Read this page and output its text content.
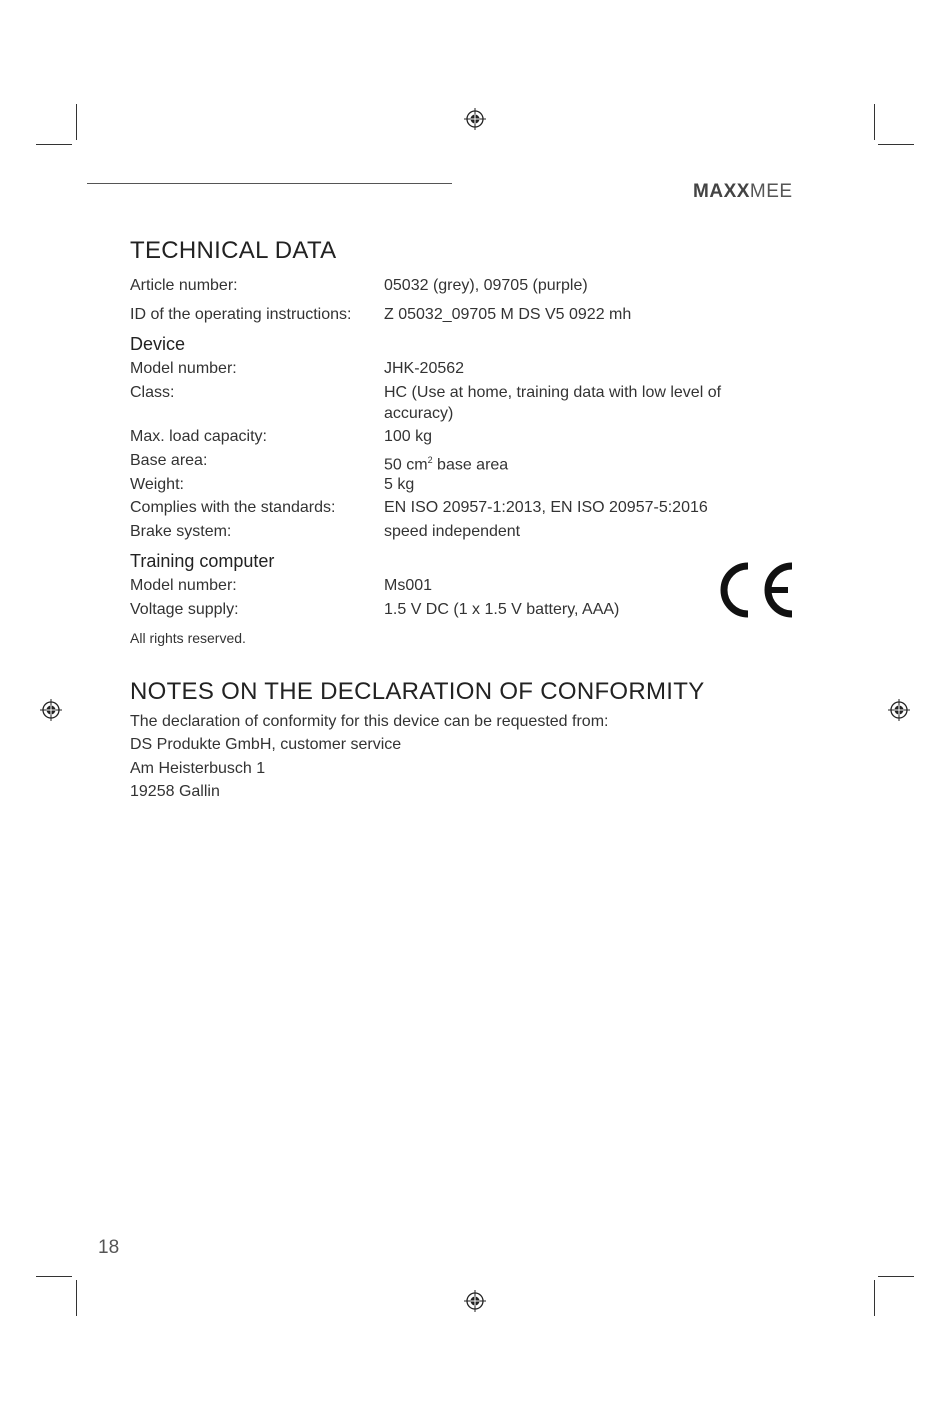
MAXXMEE
TECHNICAL DATA
Article number:	05032 (grey), 09705 (purple)
ID of the operating instructions: Z 05032_09705 M DS V5 0922 mh
Device
Model number:	JHK-20562
Class:	HC (Use at home, training data with low level of accuracy)
Max. load capacity:	100 kg
Base area:	50 $cm^2$ base area
Weight:	5 kg
Complies with the standards:	EN ISO 20957-1:2013, EN ISO 20957-5:2016
Brake system:	speed independent
Training computer
Model number:	Ms001
Voltage supply:	1.5 V DC (1 x 1.5 V battery, AAA)
All rights reserved.
NOTES ON THE DECLARATION OF CONFORMITY
The declaration of conformity for this device can be requested from:
DS Produkte GmbH, customer service
Am Heisterbusch 1
19258 Gallin
18
